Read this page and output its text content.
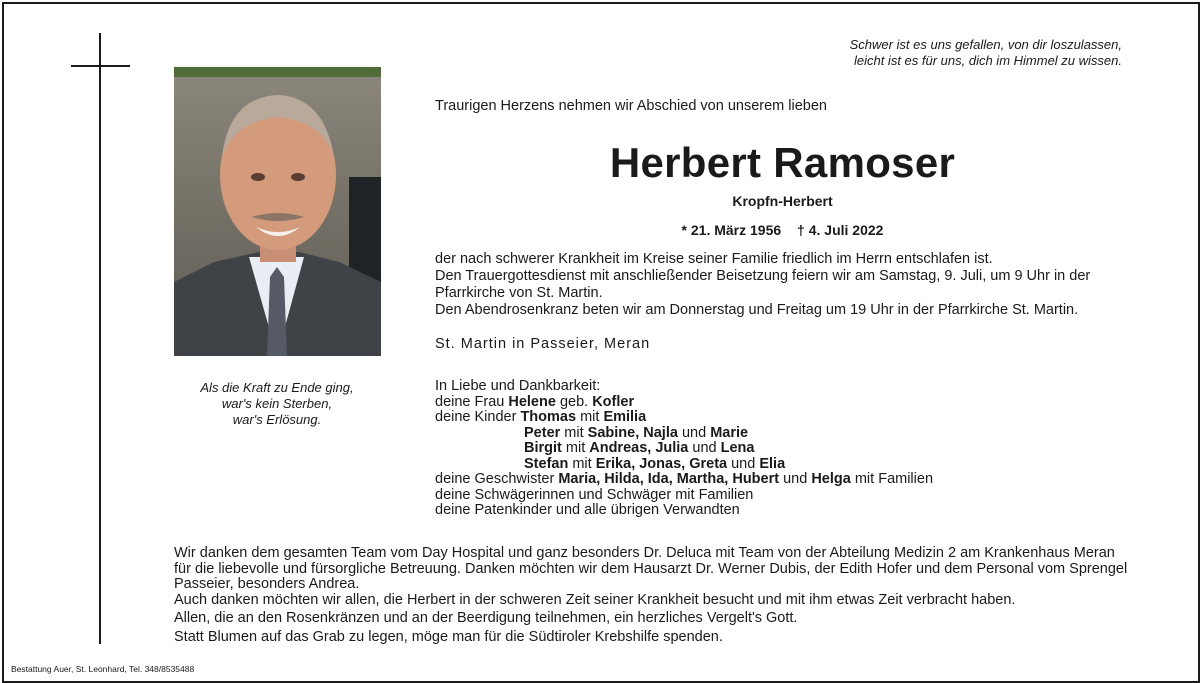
Schwer ist es uns gefallen, von dir loszulassen,
leicht ist es für uns, dich im Himmel zu wissen.
Als die Kraft zu Ende ging,
war's kein Sterben,
war's Erlösung.
Traurigen Herzens nehmen wir Abschied von unserem lieben
Herbert Ramoser
Kropfn-Herbert
* 21. März 1956 † 4. Juli 2022

der nach schwerer Krankheit im Kreise seiner Familie friedlich im Herrn entschlafen ist.

Den Trauergottesdienst mit anschließender Beisetzung feiern wir am Samstag, 9. Juli, um 9 Uhr in der Pfarrkirche von St. Martin.

Den Abendrosenkranz beten wir am Donnerstag und Freitag um 19 Uhr in der Pfarrkirche St. Martin.

St. Martin in Passeier, Meran
In Liebe und Dankbarkeit:
deine Frau Helene geb. Kofler
deine Kinder Thomas mit Emilia
Peter mit Sabine, Najla und Marie
Birgit mit Andreas, Julia und Lena
Stefan mit Erika, Jonas, Greta und Elia
deine Geschwister Maria, Hilda, Ida, Martha, Hubert und Helga mit Familien
deine Schwägerinnen und Schwäger mit Familien
deine Patenkinder und alle übrigen Verwandten

Wir danken dem gesamten Team vom Day Hospital und ganz besonders Dr. Deluca mit Team von der Abteilung Medizin 2 am Krankenhaus Meran für die liebevolle und fürsorgliche Betreuung. Danken möchten wir dem Hausarzt Dr. Werner Dubis, der Edith Hofer und dem Personal vom Sprengel Passeier, besonders Andrea.

Auch danken möchten wir allen, die Herbert in der schweren Zeit seiner Krankheit besucht und mit ihm etwas Zeit verbracht haben.

Allen, die an den Rosenkränzen und an der Beerdigung teilnehmen, ein herzliches Vergelt's Gott.

Statt Blumen auf das Grab zu legen, möge man für die Südtiroler Krebshilfe spenden.

Bestattung Auer, St. Leonhard, Tel. 348/8535488
